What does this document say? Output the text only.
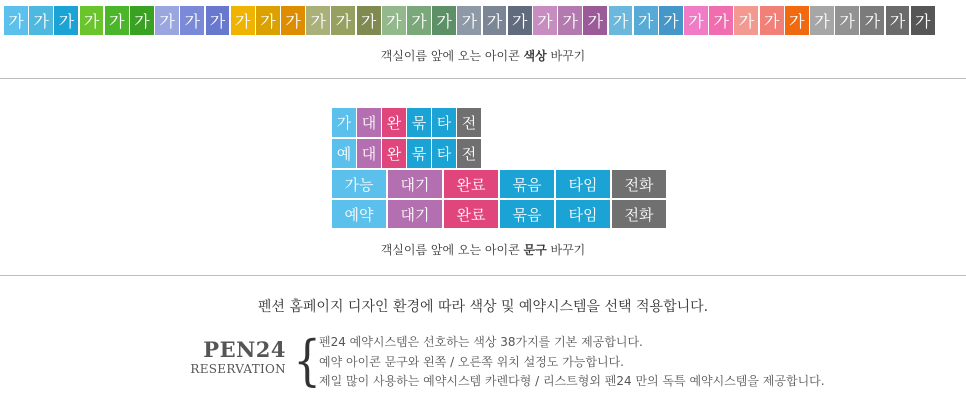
가 가 가 가 가 가 가 가 가 가 가 가 가 가 가 가 가 가 가 가 가 가 가 가 가 가 가 가 가 가 가 가 가 가 가 가 가
객실이름 앞에 오는 아이콘 색상 바꾸기
가 대 완 묶 타 전
예 대 완 묶 타 전
가능	대기	완료	묶음	타임	전화
예약	대기	완료	묶음	타임	전화
객실이름 앞에 오는 아이콘 문구 바꾸기
펜션 홈페이지 디자인 환경에 따라 색상 및 예약시스템을 선택 적용합니다.
PEN24
RESERVATION {
펜24 예약시스템은 선호하는 색상 38가지를 기본 제공합니다.
예약 아이콘 문구와 왼쪽 / 오른쪽 위치 설정도 가능합니다.
제일 많이 사용하는 예약시스템 카렌다형 / 리스트형외 펜24 만의 독특 예약시스템을 제공합니다.
